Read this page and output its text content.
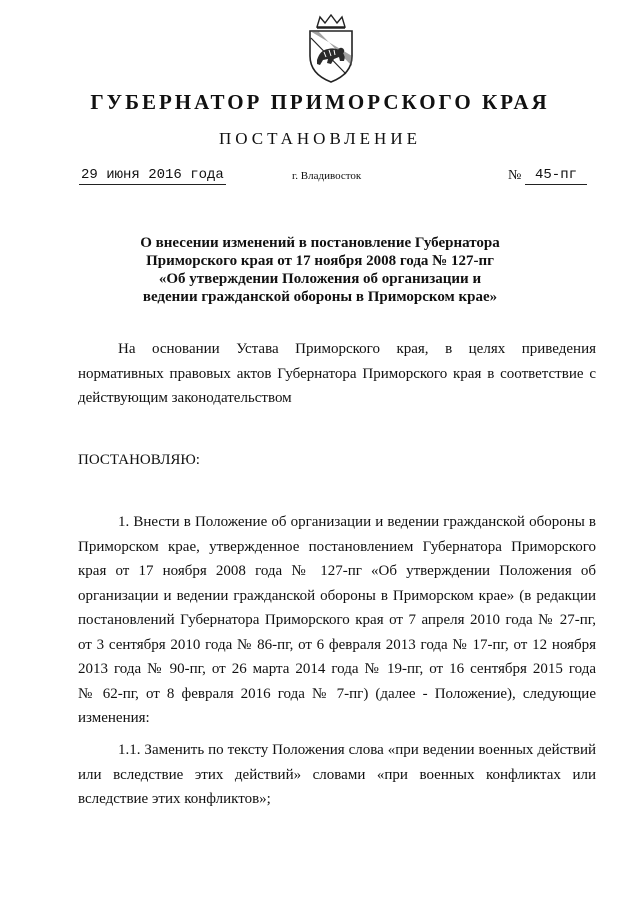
ГУБЕРНАТОР ПРИМОРСКОГО КРАЯ
ПОСТАНОВЛЕНИЕ
29 июня 2016 года	г. Владивосток	№ 45-пг
О внесении изменений в постановление Губернатора
Приморского края от 17 ноября 2008 года № 127-пг
«Об утверждении Положения об организации и
ведении гражданской обороны в Приморском крае»
На основании Устава Приморского края, в целях приведения
нормативных правовых актов Губернатора Приморского края в соответствие с
действующим законодательством
ПОСТАНОВЛЯЮ:
1. Внести в Положение об организации и ведении гражданской обороны в
Приморском крае, утвержденное постановлением Губернатора Приморского
края от 17 ноября 2008 года № 127-пг «Об утверждении Положения об
организации и ведении гражданской обороны в Приморском крае» (в редакции
постановлений Губернатора Приморского края от 7 апреля 2010 года № 27-пг,
от 3 сентября 2010 года № 86-пг, от 6 февраля 2013 года № 17-пг, от 12 ноября
2013 года № 90-пг, от 26 марта 2014 года № 19-пг, от 16 сентября 2015 года
№ 62-пг, от 8 февраля 2016 года № 7-пг) (далее - Положение), следующие
изменения:
1.1. Заменить по тексту Положения слова «при ведении военных действий
или вследствие этих действий» словами «при военных конфликтах или
вследствие этих конфликтов»;
